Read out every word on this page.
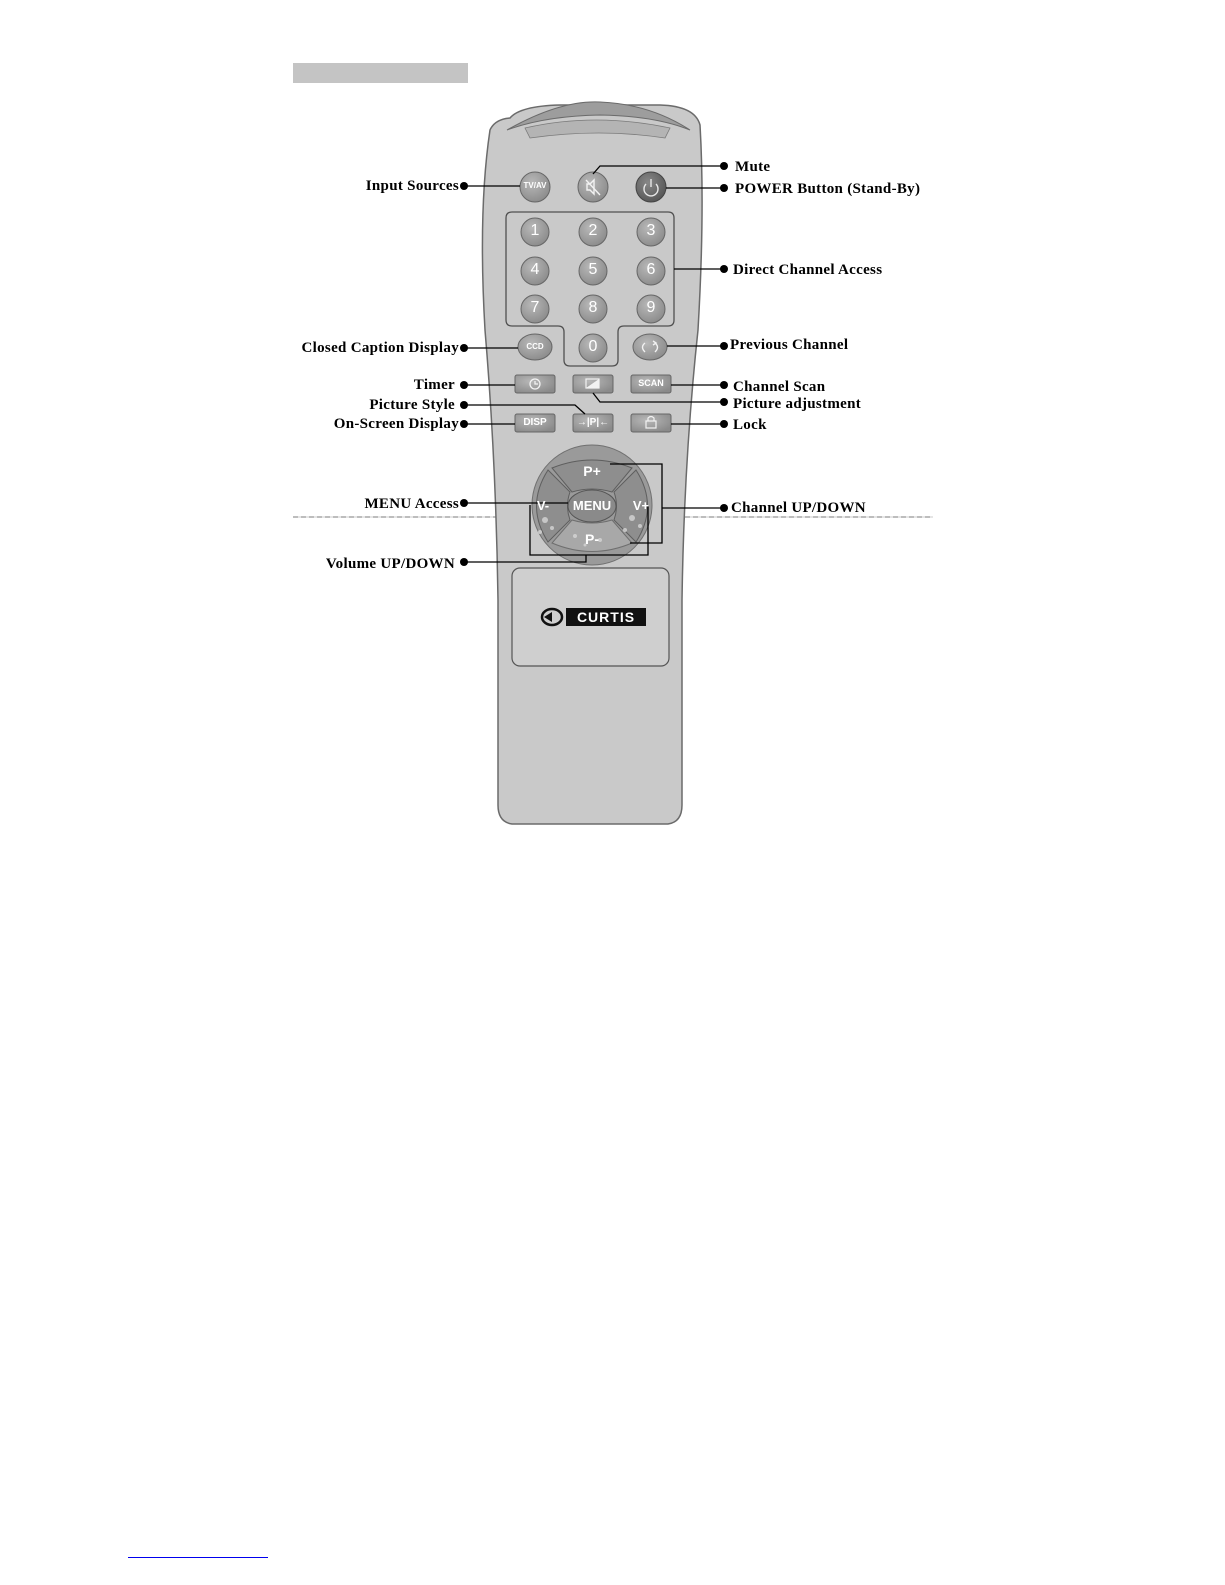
TV/AV
1	2	3
4	5	6
7	8	9
0
CCD
SCAN
DISP	→|P|←
P+
P-
V-	V+
MENU
CURTIS
Input Sources
Mute
POWER Button (Stand-By)
Direct Channel Access
Closed Caption Display	Previous Channel
Timer	Channel Scan
Picture Style	Picture adjustment
On-Screen Display	Lock
MENU Access	Channel UP/DOWN
Volume UP/DOWN
